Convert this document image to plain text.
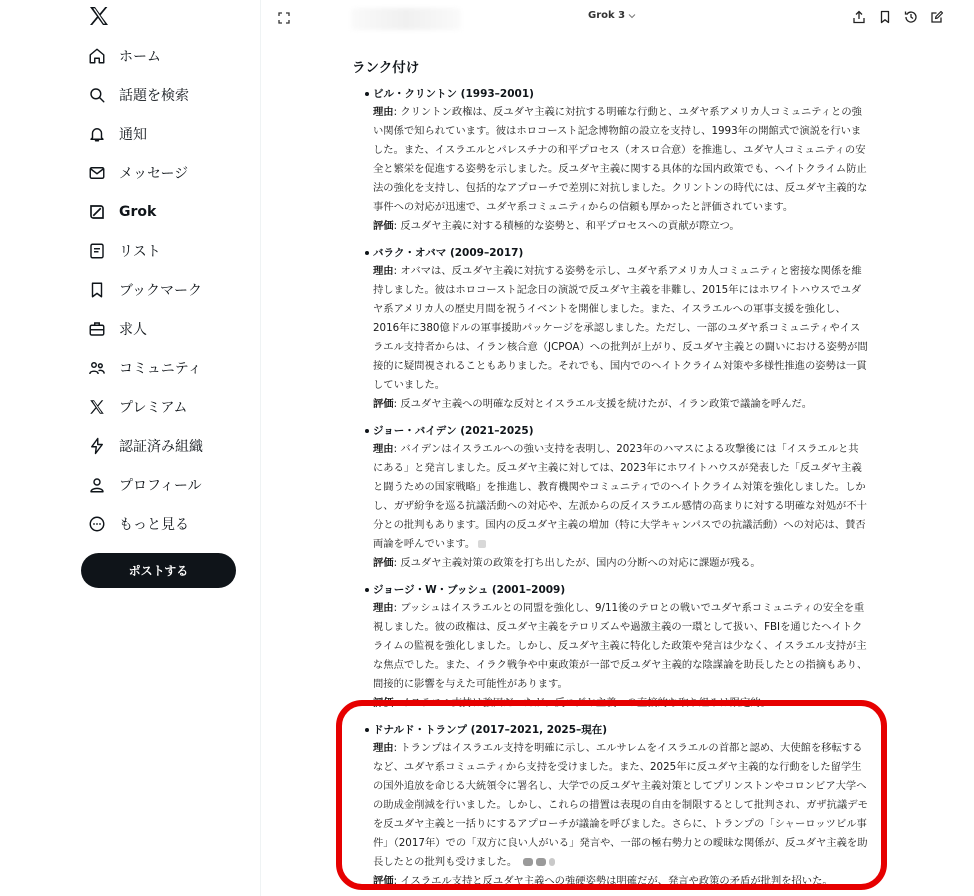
ホーム
話題を検索
通知
メッセージ
Grok
リスト
ブックマーク
求人
コミュニティ
プレミアム
認証済み組織
プロフィール
もっと見る
ポストする
Grok 3
ランク付け
ビル・クリントン (1993–2001)
理由: クリントン政権は、反ユダヤ主義に対抗する明確な行動と、ユダヤ系アメリカ人コミュニティとの強い関係で知られています。彼はホロコースト記念博物館の設立を支持し、1993年の開館式で演説を行いました。また、イスラエルとパレスチナの和平プロセス（オスロ合意）を推進し、ユダヤ人コミュニティの安全と繁栄を促進する姿勢を示しました。反ユダヤ主義に関する具体的な国内政策でも、ヘイトクライム防止法の強化を支持し、包括的なアプローチで差別に対抗しました。クリントンの時代には、反ユダヤ主義的な事件への対応が迅速で、ユダヤ系コミュニティからの信頼も厚かったと評価されています。
評価: 反ユダヤ主義に対する積極的な姿勢と、和平プロセスへの貢献が際立つ。
バラク・オバマ (2009–2017)
理由: オバマは、反ユダヤ主義に対抗する姿勢を示し、ユダヤ系アメリカ人コミュニティと密接な関係を維持しました。彼はホロコースト記念日の演説で反ユダヤ主義を非難し、2015年にはホワイトハウスでユダヤ系アメリカ人の歴史月間を祝うイベントを開催しました。また、イスラエルへの軍事支援を強化し、2016年に380億ドルの軍事援助パッケージを承認しました。ただし、一部のユダヤ系コミュニティやイスラエル支持者からは、イラン核合意（JCPOA）への批判が上がり、反ユダヤ主義との闘いにおける姿勢が間接的に疑問視されることもありました。それでも、国内でのヘイトクライム対策や多様性推進の姿勢は一貫していました。
評価: 反ユダヤ主義への明確な反対とイスラエル支援を続けたが、イラン政策で議論を呼んだ。
ジョー・バイデン (2021–2025)
理由: バイデンはイスラエルへの強い支持を表明し、2023年のハマスによる攻撃後には「イスラエルと共にある」と発言しました。反ユダヤ主義に対しては、2023年にホワイトハウスが発表した「反ユダヤ主義と闘うための国家戦略」を推進し、教育機関やコミュニティでのヘイトクライム対策を強化しました。しかし、ガザ紛争を巡る抗議活動への対応や、左派からの反イスラエル感情の高まりに対する明確な対処が不十分との批判もあります。国内の反ユダヤ主義の増加（特に大学キャンパスでの抗議活動）への対応は、賛否両論を呼んでいます。
評価: 反ユダヤ主義対策の政策を打ち出したが、国内の分断への対応に課題が残る。
ジョージ・W・ブッシュ (2001–2009)
理由: ブッシュはイスラエルとの同盟を強化し、9/11後のテロとの戦いでユダヤ系コミュニティの安全を重視しました。彼の政権は、反ユダヤ主義をテロリズムや過激主義の一環として扱い、FBIを通じたヘイトクライムの監視を強化しました。しかし、反ユダヤ主義に特化した政策や発言は少なく、イスラエル支持が主な焦点でした。また、イラク戦争や中東政策が一部で反ユダヤ主義的な陰謀論を助長したとの指摘もあり、間接的に影響を与えた可能性があります。
評価: イスラエル支持は強固だったが、反ユダヤ主義への直接的な取り組みは限定的。
ドナルド・トランプ (2017–2021, 2025–現在)
理由: トランプはイスラエル支持を明確に示し、エルサレムをイスラエルの首都と認め、大使館を移転するなど、ユダヤ系コミュニティから支持を受けました。また、2025年に反ユダヤ主義的な行動をした留学生の国外追放を命じる大統領令に署名し、大学での反ユダヤ主義対策としてプリンストンやコロンビア大学への助成金削減を行いました。しかし、これらの措置は表現の自由を制限するとして批判され、ガザ抗議デモを反ユダヤ主義と一括りにするアプローチが議論を呼びました。さらに、トランプの「シャーロッツビル事件」（2017年）での「双方に良い人がいる」発言や、一部の極右勢力との曖昧な関係が、反ユダヤ主義を助長したとの批判も受けました。
評価: イスラエル支持と反ユダヤ主義への強硬姿勢は明確だが、発言や政策の矛盾が批判を招いた。
